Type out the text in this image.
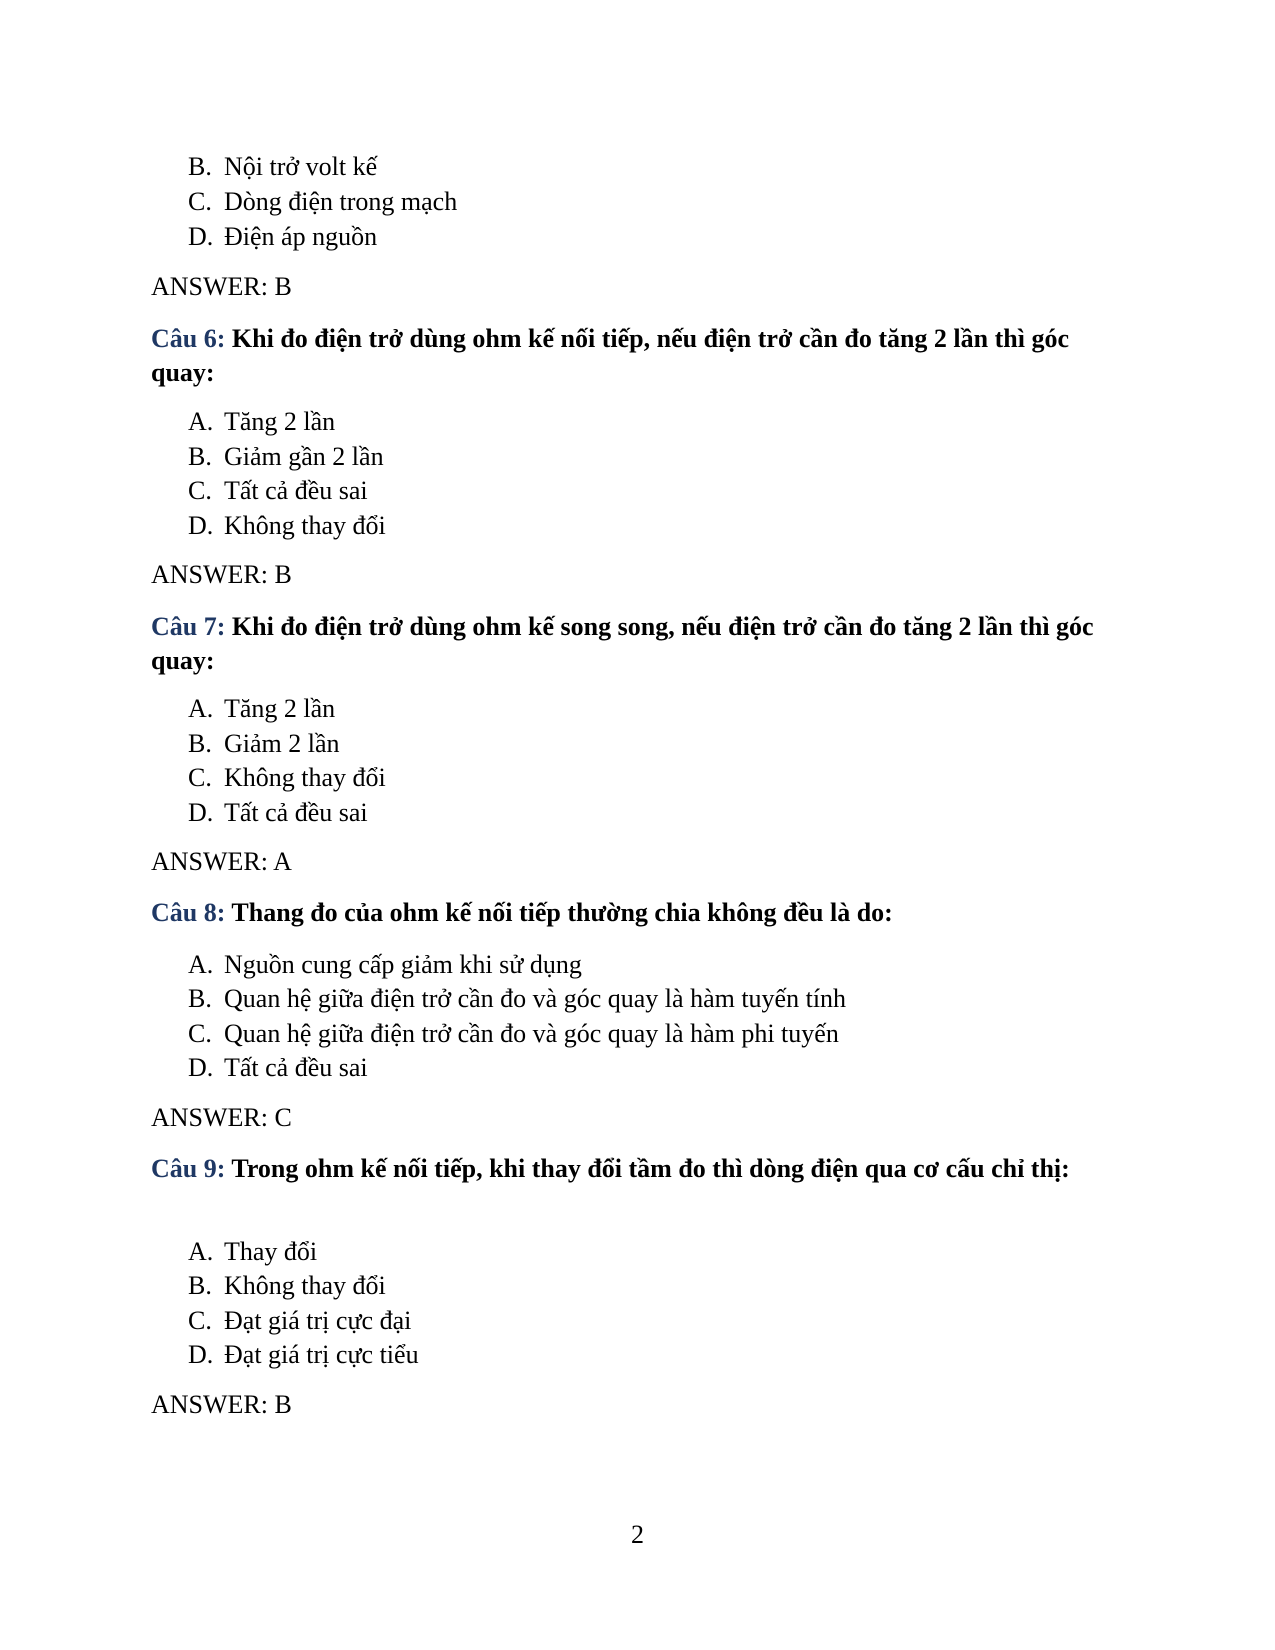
B. Nội trở volt kế
C. Dòng điện trong mạch
D. Điện áp nguồn
ANSWER: B
Câu 6: Khi đo điện trở dùng ohm kế nối tiếp, nếu điện trở cần đo tăng 2 lần thì góc quay:
A. Tăng 2 lần
B. Giảm gần 2 lần
C. Tất cả đều sai
D. Không thay đổi
ANSWER: B
Câu 7: Khi đo điện trở dùng ohm kế song song, nếu điện trở cần đo tăng 2 lần thì góc quay:
A. Tăng 2 lần
B. Giảm 2 lần
C. Không thay đổi
D. Tất cả đều sai
ANSWER: A
Câu 8: Thang đo của ohm kế nối tiếp thường chia không đều là do:
A. Nguồn cung cấp giảm khi sử dụng
B. Quan hệ giữa điện trở cần đo và góc quay là hàm tuyến tính
C. Quan hệ giữa điện trở cần đo và góc quay là hàm phi tuyến
D. Tất cả đều sai
ANSWER: C
Câu 9: Trong ohm kế nối tiếp, khi thay đổi tầm đo thì dòng điện qua cơ cấu chỉ thị:
A. Thay đổi
B. Không thay đổi
C. Đạt giá trị cực đại
D. Đạt giá trị cực tiểu
ANSWER: B
2
